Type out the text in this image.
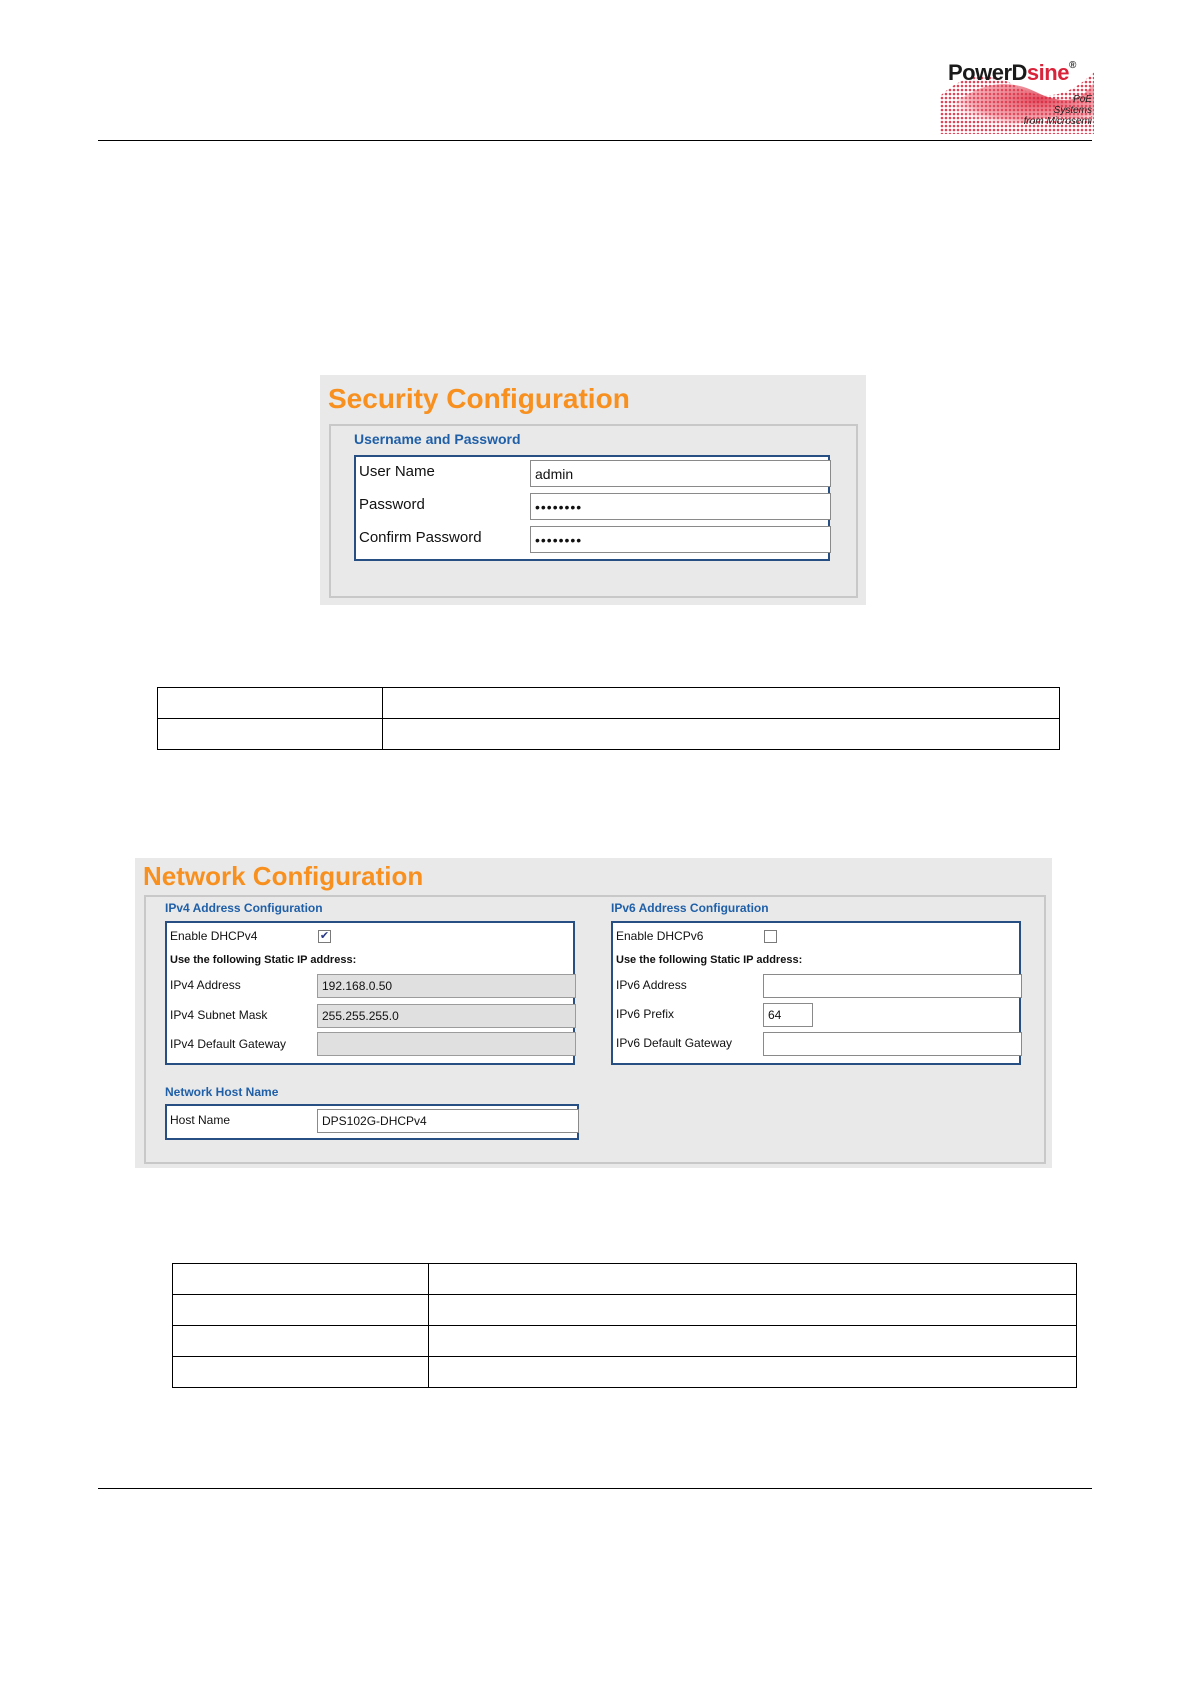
PowerDsine®
PoE
Systems
from Microsemi
Security Configuration
Username and Password
User Name	admin
Password	••••••••
Confirm Password	••••••••

Network Configuration
IPv4 Address Configuration
Enable DHCPv4	✔
Use the following Static IP address:
IPv4 Address	192.168.0.50
IPv4 Subnet Mask	255.255.255.0
IPv4 Default Gateway
IPv6 Address Configuration
Enable DHCPv6
Use the following Static IP address:
IPv6 Address
IPv6 Prefix	64
IPv6 Default Gateway
Network Host Name
Host Name	DPS102G-DHCPv4
